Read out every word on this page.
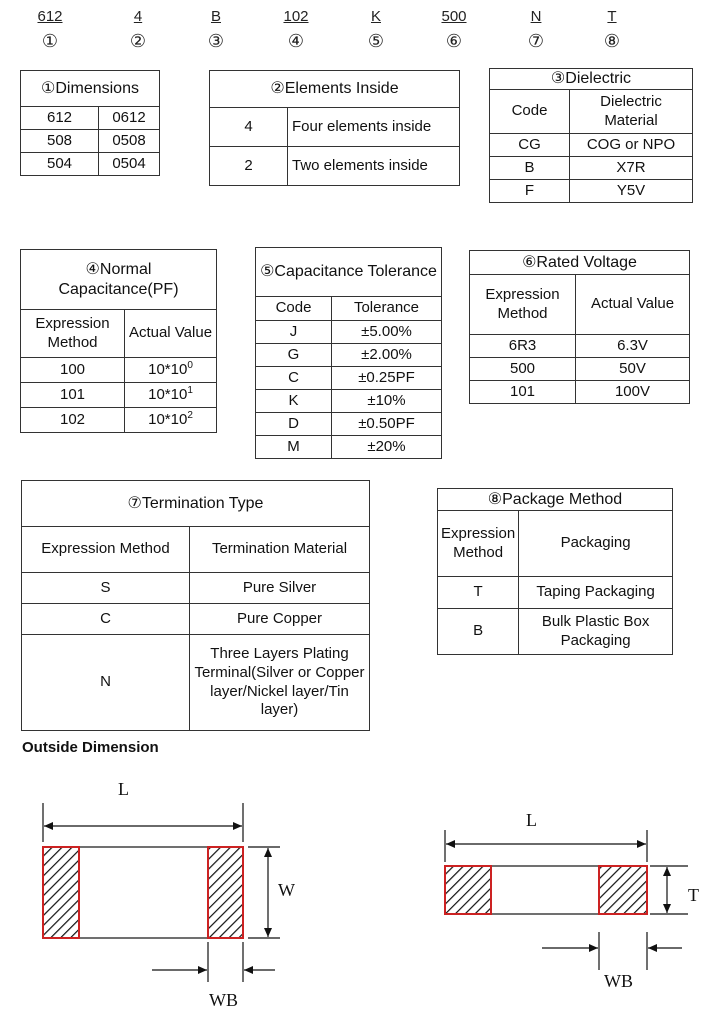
612
①
4
②
B
③
102
④
K
⑤
500
⑥
N
⑦
T
⑧
①Dimensions	
612	0612
508	0508
504	0504
②Elements Inside	
4	Four elements inside
2	Two elements inside
③Dielectric	
Code	Dielectric Material
CG	COG or NPO
B	X7R
F	Y5V
④Normal Capacitance(PF)	
Expression Method	Actual Value
100	$10*10^0$
101	$10*10^1$
102	$10*10^2$
⑤Capacitance Tolerance	
Code	Tolerance
J	±5.00%
G	±2.00%
C	±0.25PF
K	±10%
D	±0.50PF
M	±20%
⑥Rated Voltage	
Expression Method	Actual Value
6R3	6.3V
500	50V
101	100V
⑦Termination Type	
Expression Method	Termination Material
S	Pure Silver
C	Pure Copper
N	Three Layers Plating Terminal(Silver or Copper layer/Nickel layer/Tin layer)
⑧Package Method	
Expression Method	Packaging
T	Taping Packaging
B	Bulk Plastic Box Packaging
Outside Dimension
L
W
WB
L
T
WB
